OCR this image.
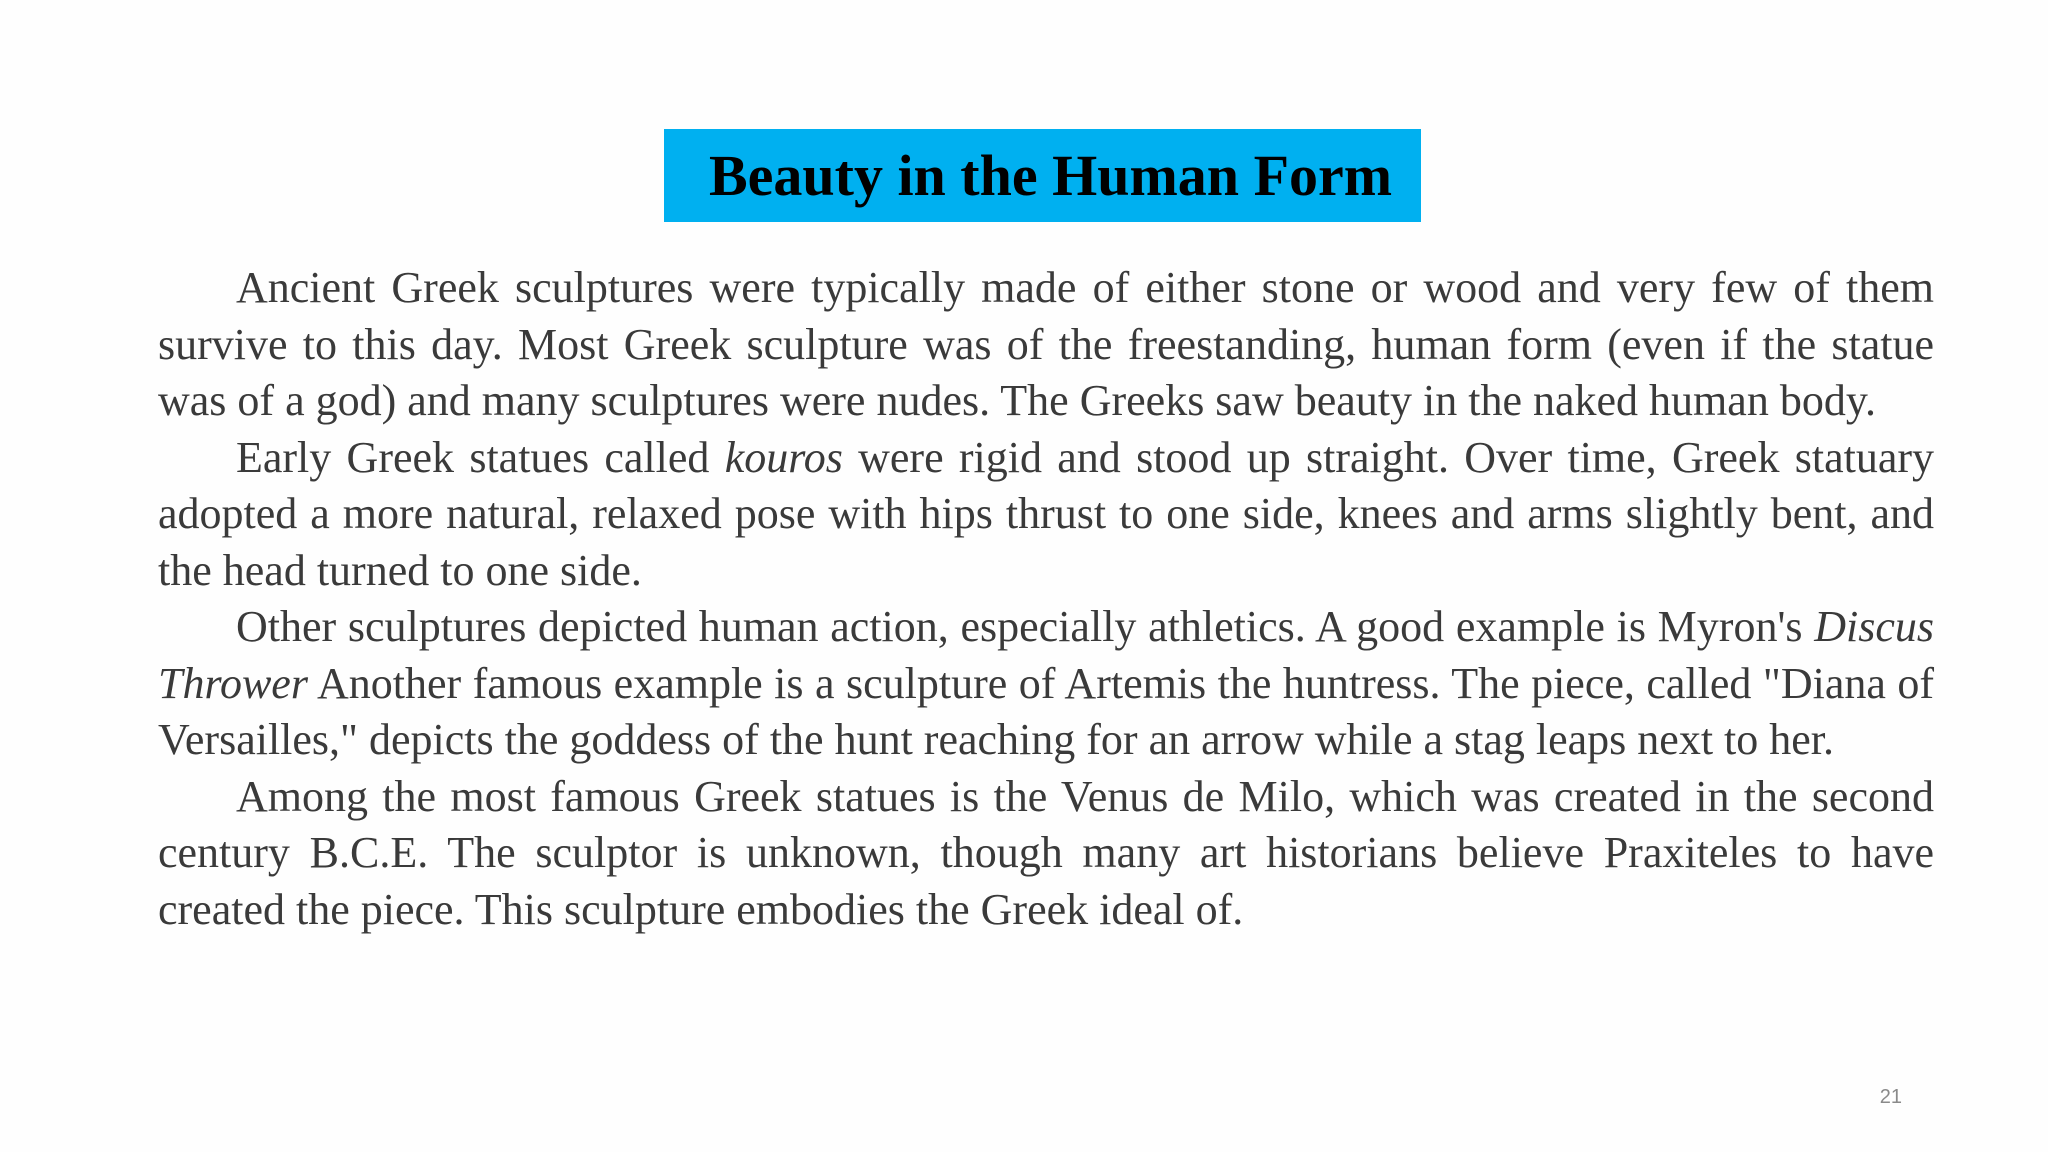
Beauty in the Human Form

Ancient Greek sculptures were typically made of either stone or wood and very few of them survive to this day. Most Greek sculpture was of the freestanding, human form (even if the statue was of a god) and many sculptures were nudes. The Greeks saw beauty in the naked human body.

Early Greek statues called kouros were rigid and stood up straight. Over time, Greek statuary adopted a more natural, relaxed pose with hips thrust to one side, knees and arms slightly bent, and the head turned to one side.

Other sculptures depicted human action, especially athletics. A good example is Myron's Discus Thrower Another famous example is a sculpture of Artemis the huntress. The piece, called "Diana of Versailles," depicts the goddess of the hunt reaching for an arrow while a stag leaps next to her.

Among the most famous Greek statues is the Venus de Milo, which was created in the second century B.C.E. The sculptor is unknown, though many art historians believe Praxiteles to have created the piece. This sculpture embodies the Greek ideal of.

21
